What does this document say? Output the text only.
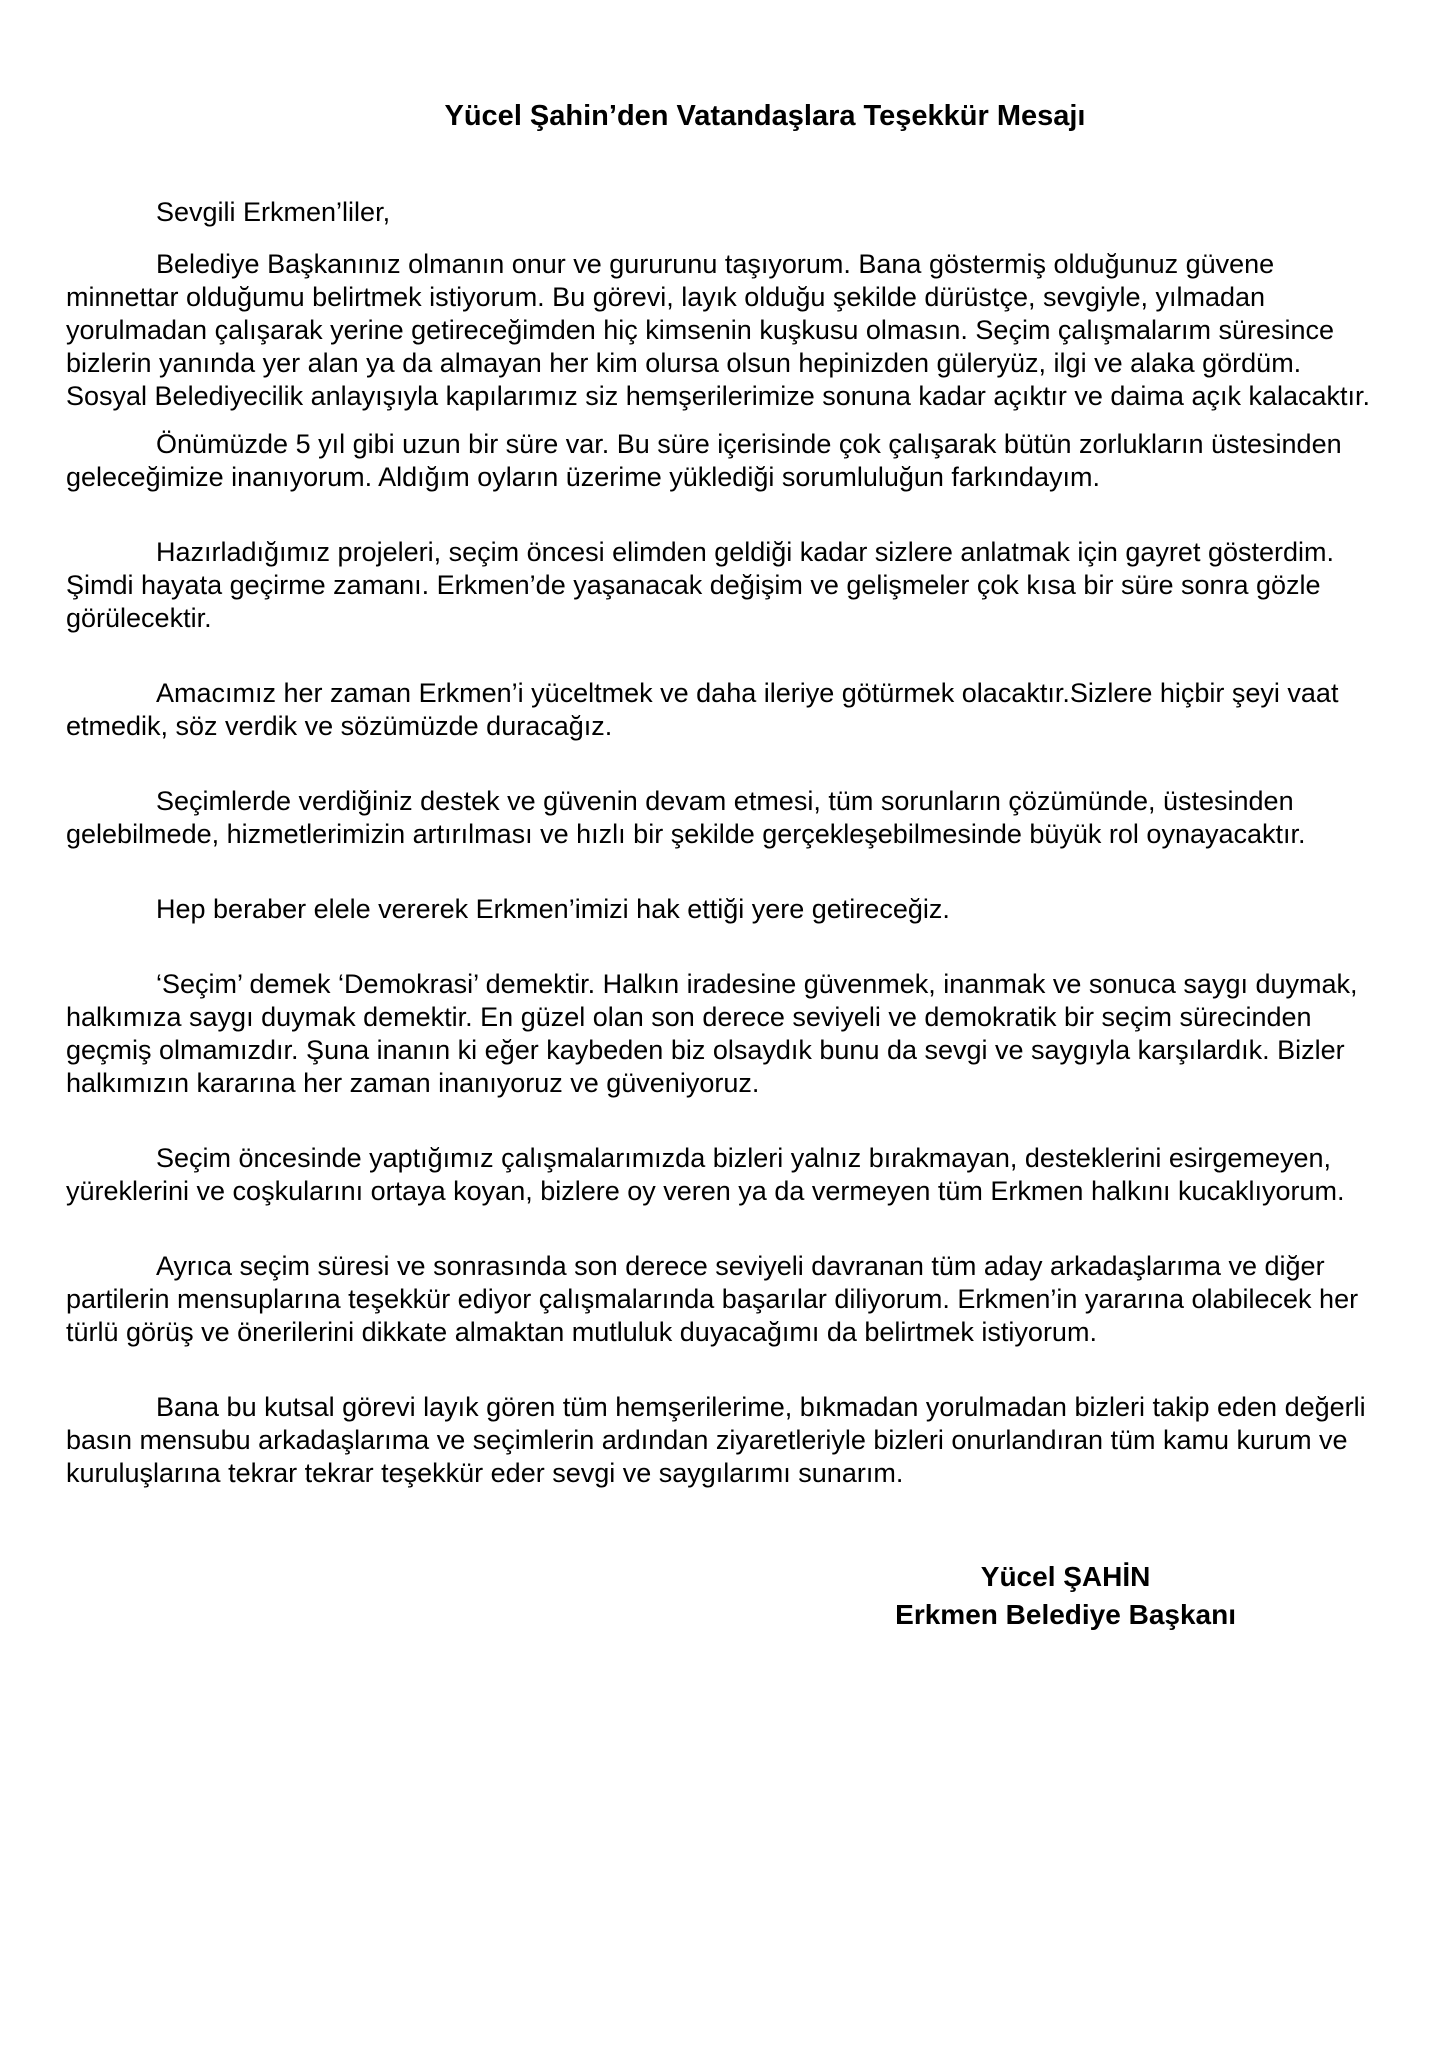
Yücel Şahin’den Vatandaşlara Teşekkür Mesajı

Sevgili Erkmen’liler,

Belediye Başkanınız olmanın onur ve gururunu taşıyorum. Bana göstermiş olduğunuz güvene minnettar olduğumu belirtmek istiyorum. Bu görevi, layık olduğu şekilde dürüstçe, sevgiyle, yılmadan yorulmadan çalışarak yerine getireceğimden hiç kimsenin kuşkusu olmasın. Seçim çalışmalarım süresince bizlerin yanında yer alan ya da almayan her kim olursa olsun hepinizden güleryüz, ilgi ve alaka gördüm. Sosyal Belediyecilik anlayışıyla kapılarımız siz hemşerilerimize sonuna kadar açıktır ve daima açık kalacaktır.

Önümüzde 5 yıl gibi uzun bir süre var. Bu süre içerisinde çok çalışarak bütün zorlukların üstesinden geleceğimize inanıyorum. Aldığım oyların üzerime yüklediği sorumluluğun farkındayım.

Hazırladığımız projeleri, seçim öncesi elimden geldiği kadar sizlere anlatmak için gayret gösterdim. Şimdi hayata geçirme zamanı. Erkmen’de yaşanacak değişim ve gelişmeler çok kısa bir süre sonra gözle görülecektir.

Amacımız her zaman Erkmen’i yüceltmek ve daha ileriye götürmek olacaktır.Sizlere hiçbir şeyi vaat etmedik, söz verdik ve sözümüzde duracağız.

Seçimlerde verdiğiniz destek ve güvenin devam etmesi, tüm sorunların çözümünde, üstesinden gelebilmede, hizmetlerimizin artırılması ve hızlı bir şekilde gerçekleşebilmesinde büyük rol oynayacaktır.

Hep beraber elele vererek Erkmen’imizi hak ettiği yere getireceğiz.

‘Seçim’ demek ‘Demokrasi’ demektir. Halkın iradesine güvenmek, inanmak ve sonuca saygı duymak, halkımıza saygı duymak demektir. En güzel olan son derece seviyeli ve demokratik bir seçim sürecinden geçmiş olmamızdır. Şuna inanın ki eğer kaybeden biz olsaydık bunu da sevgi ve saygıyla karşılardık. Bizler halkımızın kararına her zaman inanıyoruz ve güveniyoruz.

Seçim öncesinde yaptığımız çalışmalarımızda bizleri yalnız bırakmayan, desteklerini esirgemeyen, yüreklerini ve coşkularını ortaya koyan, bizlere oy veren ya da vermeyen tüm Erkmen halkını kucaklıyorum.

Ayrıca seçim süresi ve sonrasında son derece seviyeli davranan tüm aday arkadaşlarıma ve diğer partilerin mensuplarına teşekkür ediyor çalışmalarında başarılar diliyorum. Erkmen’in yararına olabilecek her türlü görüş ve önerilerini dikkate almaktan mutluluk duyacağımı da belirtmek istiyorum.

Bana bu kutsal görevi layık gören tüm hemşerilerime, bıkmadan yorulmadan bizleri takip eden değerli basın mensubu arkadaşlarıma ve seçimlerin ardından ziyaretleriyle bizleri onurlandıran tüm kamu kurum ve kuruluşlarına tekrar tekrar teşekkür eder sevgi ve saygılarımı sunarım.

Yücel ŞAHİN
Erkmen Belediye Başkanı
